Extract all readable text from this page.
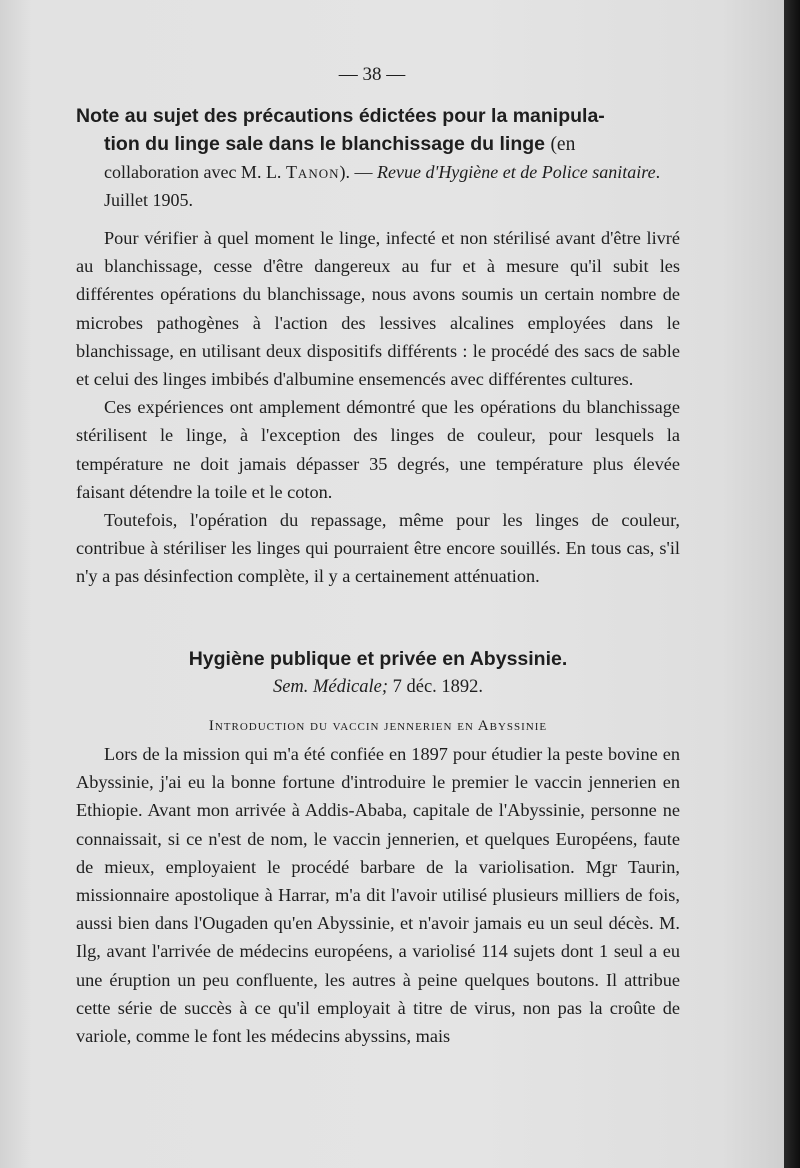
— 38 —
Note au sujet des précautions édictées pour la manipula-
tion du linge sale dans le blanchissage du linge (en
collaboration avec M. L. Tanon). — Revue d'Hygiène et de Police sanitaire. Juillet 1905.

Pour vérifier à quel moment le linge, infecté et non stérilisé avant d'être livré au blanchissage, cesse d'être dangereux au fur et à mesure qu'il subit les différentes opérations du blanchissage, nous avons soumis un certain nombre de microbes pathogènes à l'action des lessives alcalines employées dans le blanchissage, en utilisant deux dispositifs différents : le procédé des sacs de sable et celui des linges imbibés d'albumine ensemencés avec différentes cultures.

Ces expériences ont amplement démontré que les opérations du blanchissage stérilisent le linge, à l'exception des linges de couleur, pour lesquels la température ne doit jamais dépasser 35 degrés, une température plus élevée faisant détendre la toile et le coton.

Toutefois, l'opération du repassage, même pour les linges de couleur, contribue à stériliser les linges qui pourraient être encore souillés. En tous cas, s'il n'y a pas désinfection complète, il y a certainement atténuation.

Hygiène publique et privée en Abyssinie.
Sem. Médicale; 7 déc. 1892.
Introduction du vaccin jennerien en Abyssinie

Lors de la mission qui m'a été confiée en 1897 pour étudier la peste bovine en Abyssinie, j'ai eu la bonne fortune d'introduire le premier le vaccin jennerien en Ethiopie. Avant mon arrivée à Addis-Ababa, capitale de l'Abyssinie, personne ne connaissait, si ce n'est de nom, le vaccin jennerien, et quelques Européens, faute de mieux, employaient le procédé barbare de la variolisation. Mgr Taurin, missionnaire apostolique à Harrar, m'a dit l'avoir utilisé plusieurs milliers de fois, aussi bien dans l'Ougaden qu'en Abyssinie, et n'avoir jamais eu un seul décès. M. Ilg, avant l'arrivée de médecins européens, a variolisé 114 sujets dont 1 seul a eu une éruption un peu confluente, les autres à peine quelques boutons. Il attribue cette série de succès à ce qu'il employait à titre de virus, non pas la croûte de variole, comme le font les médecins abyssins, mais
